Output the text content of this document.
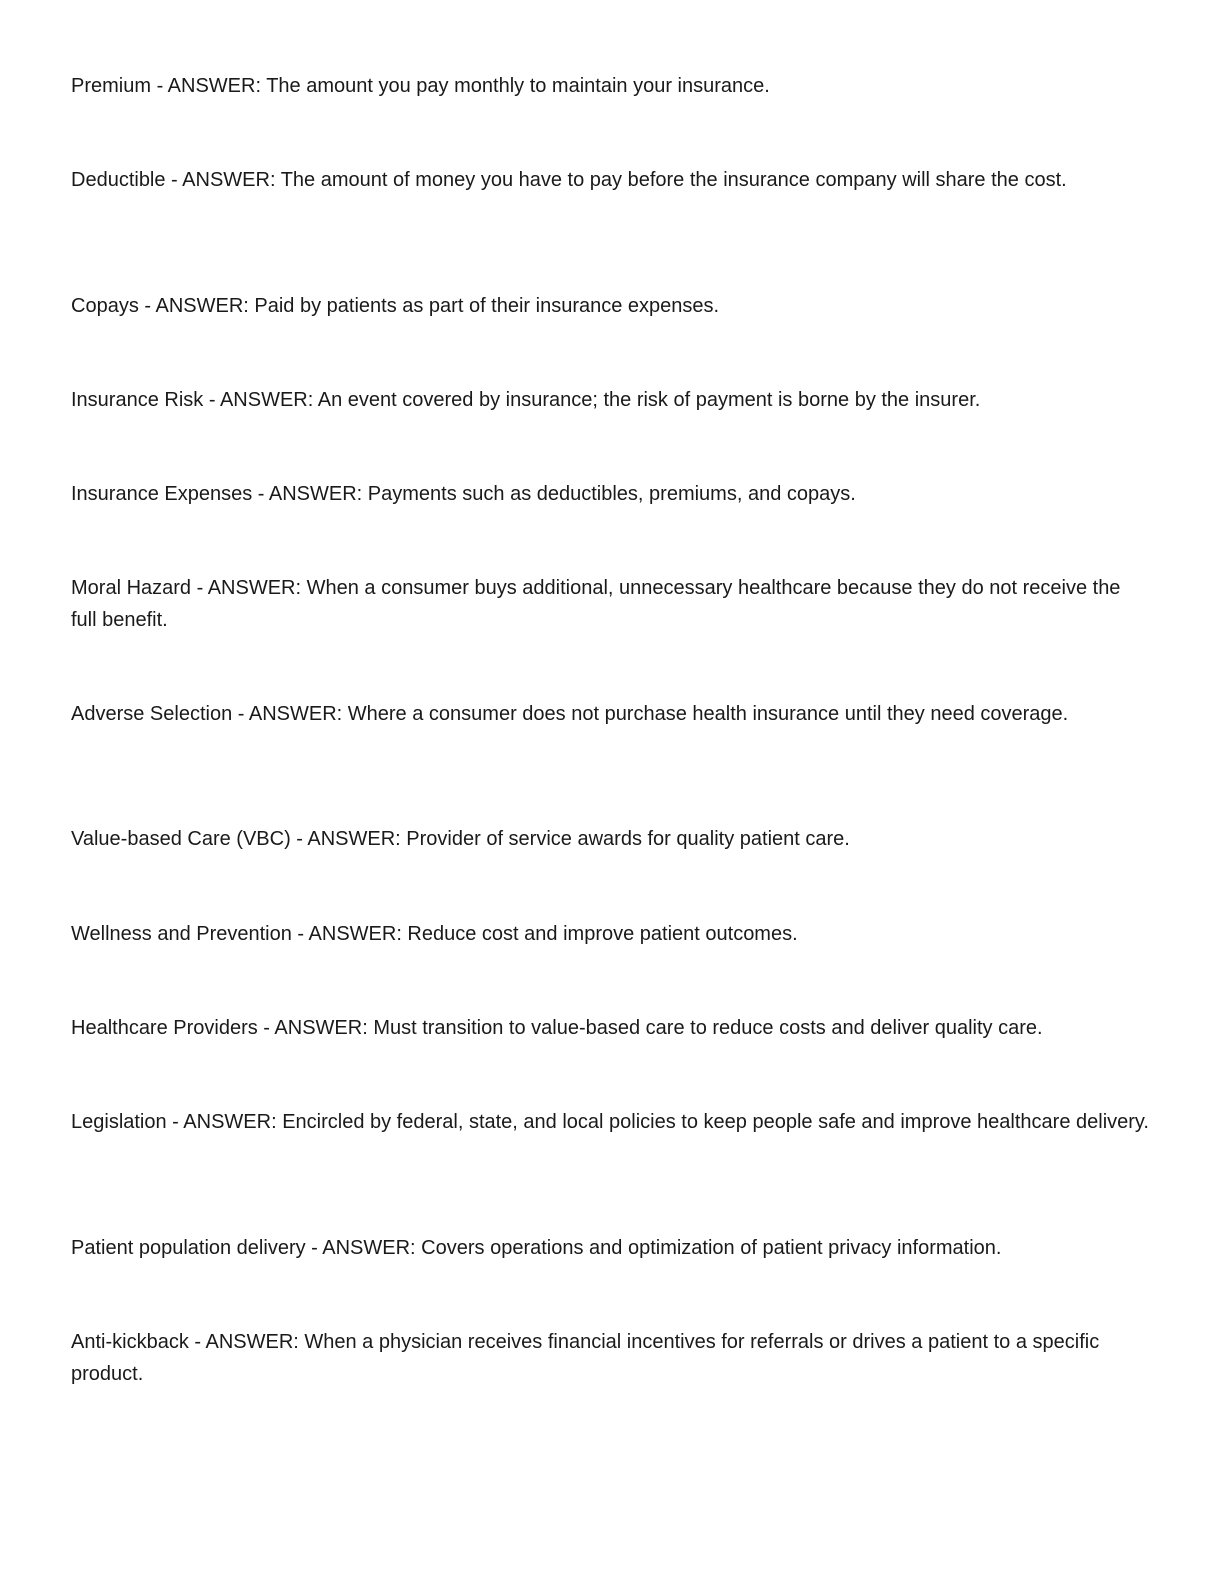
Premium - ANSWER: The amount you pay monthly to maintain your insurance.

Deductible - ANSWER: The amount of money you have to pay before the insurance company will share the cost.

Copays - ANSWER: Paid by patients as part of their insurance expenses.

Insurance Risk - ANSWER: An event covered by insurance; the risk of payment is borne by the insurer.

Insurance Expenses - ANSWER: Payments such as deductibles, premiums, and copays.

Moral Hazard - ANSWER: When a consumer buys additional, unnecessary healthcare because they do not receive the full benefit.

Adverse Selection - ANSWER: Where a consumer does not purchase health insurance until they need coverage.

Value-based Care (VBC) - ANSWER: Provider of service awards for quality patient care.

Wellness and Prevention - ANSWER: Reduce cost and improve patient outcomes.

Healthcare Providers - ANSWER: Must transition to value-based care to reduce costs and deliver quality care.

Legislation - ANSWER: Encircled by federal, state, and local policies to keep people safe and improve healthcare delivery.

Patient population delivery - ANSWER: Covers operations and optimization of patient privacy information.

Anti-kickback - ANSWER: When a physician receives financial incentives for referrals or drives a patient to a specific product.
